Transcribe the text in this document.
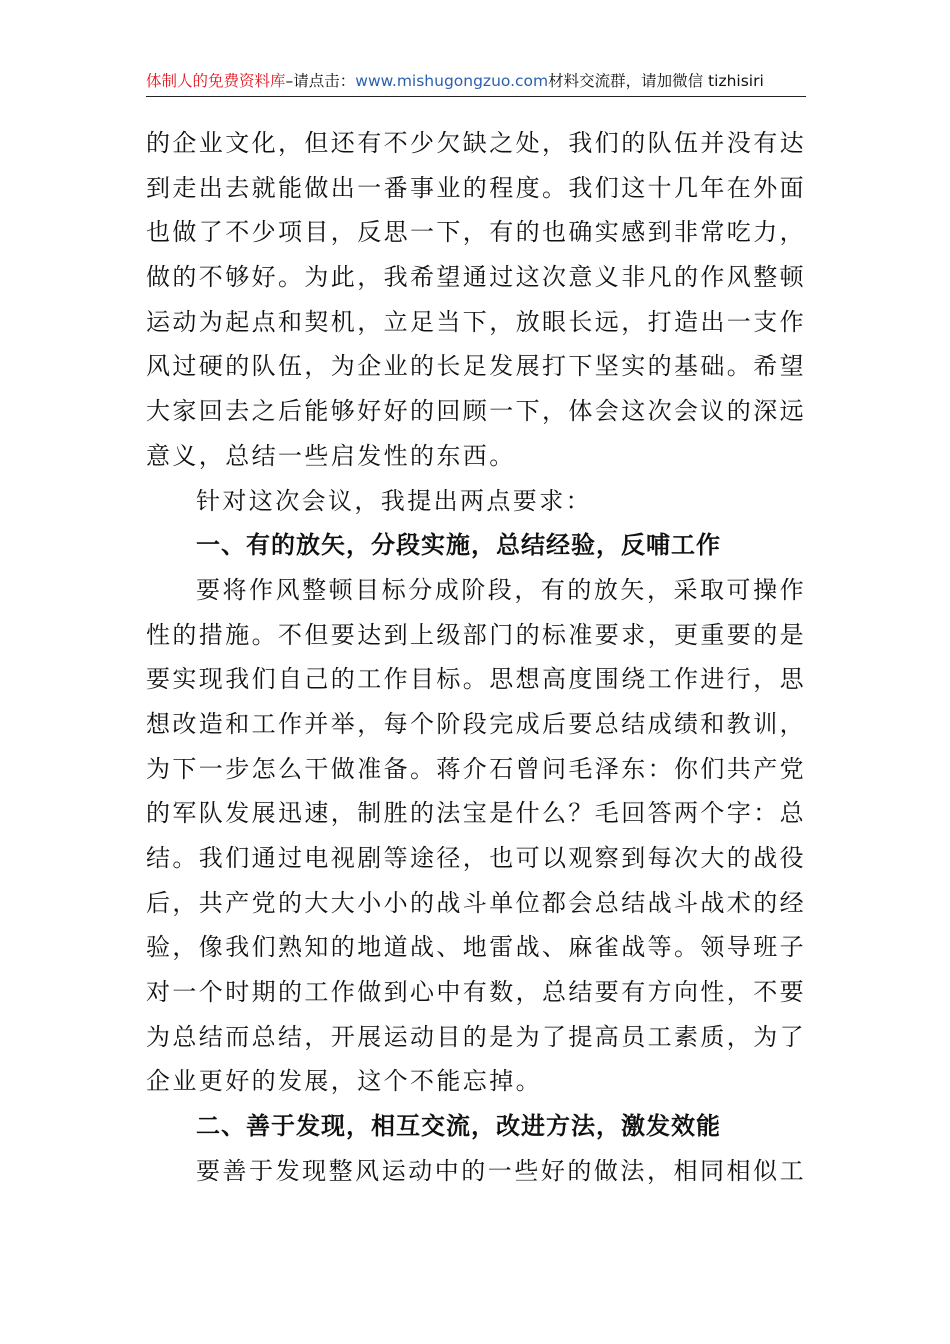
体制人的免费资料库–请点击：www.mishugongzuo.com材料交流群，请加微信 tizhisiri
的企业文化，但还有不少欠缺之处，我们的队伍并没有达
到走出去就能做出一番事业的程度。我们这十几年在外面
也做了不少项目，反思一下，有的也确实感到非常吃力，
做的不够好。为此，我希望通过这次意义非凡的作风整顿
运动为起点和契机，立足当下，放眼长远，打造出一支作
风过硬的队伍，为企业的长足发展打下坚实的基础。希望
大家回去之后能够好好的回顾一下，体会这次会议的深远
意义，总结一些启发性的东西。
针对这次会议，我提出两点要求：
一、有的放矢，分段实施，总结经验，反哺工作
要将作风整顿目标分成阶段，有的放矢，采取可操作
性的措施。不但要达到上级部门的标准要求，更重要的是
要实现我们自己的工作目标。思想高度围绕工作进行，思
想改造和工作并举，每个阶段完成后要总结成绩和教训，
为下一步怎么干做准备。蒋介石曾问毛泽东：你们共产党
的军队发展迅速，制胜的法宝是什么？毛回答两个字：总
结。我们通过电视剧等途径，也可以观察到每次大的战役
后，共产党的大大小小的战斗单位都会总结战斗战术的经
验，像我们熟知的地道战、地雷战、麻雀战等。领导班子
对一个时期的工作做到心中有数，总结要有方向性，不要
为总结而总结，开展运动目的是为了提高员工素质，为了
企业更好的发展，这个不能忘掉。
二、善于发现，相互交流，改进方法，激发效能
要善于发现整风运动中的一些好的做法，相同相似工
